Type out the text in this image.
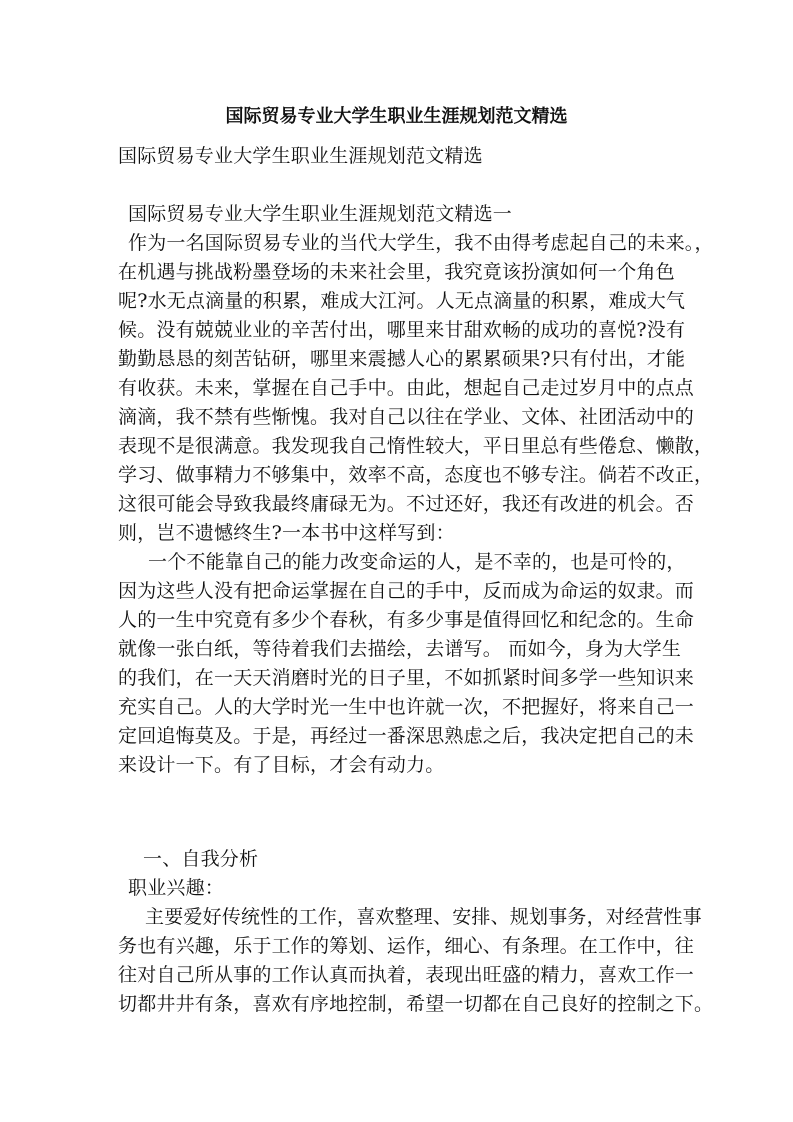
国际贸易专业大学生职业生涯规划范文精选
国际贸易专业大学生职业生涯规划范文精选
国际贸易专业大学生职业生涯规划范文精选一
一、自我分析
职业兴趣：
作为一名国际贸易专业的当代大学生，我不由得考虑起自己的未来。，
在机遇与挑战粉墨登场的未来社会里，我究竟该扮演如何一个角色
呢?水无点滴量的积累，难成大江河。人无点滴量的积累，难成大气
候。没有兢兢业业的辛苦付出，哪里来甘甜欢畅的成功的喜悦?没有
勤勤恳恳的刻苦钻研，哪里来震撼人心的累累硕果?只有付出，才能
有收获。未来，掌握在自己手中。由此，想起自己走过岁月中的点点
滴滴，我不禁有些惭愧。我对自己以往在学业、文体、社团活动中的
表现不是很满意。我发现我自己惰性较大，平日里总有些倦怠、懒散，
学习、做事精力不够集中，效率不高，态度也不够专注。倘若不改正，
这很可能会导致我最终庸碌无为。不过还好，我还有改进的机会。否
则，岂不遗憾终生?一本书中这样写到：
一个不能靠自己的能力改变命运的人，是不幸的，也是可怜的，
因为这些人没有把命运掌握在自己的手中，反而成为命运的奴隶。而
人的一生中究竟有多少个春秋，有多少事是值得回忆和纪念的。生命
就像一张白纸，等待着我们去描绘，去谱写。 而如今，身为大学生
的我们，在一天天消磨时光的日子里，不如抓紧时间多学一些知识来
充实自己。人的大学时光一生中也许就一次，不把握好，将来自己一
定回追悔莫及。于是，再经过一番深思熟虑之后，我决定把自己的未
来设计一下。有了目标，才会有动力。
主要爱好传统性的工作，喜欢整理、安排、规划事务，对经营性事
务也有兴趣，乐于工作的筹划、运作，细心、有条理。在工作中，往
往对自己所从事的工作认真而执着，表现出旺盛的精力，喜欢工作一
切都井井有条，喜欢有序地控制，希望一切都在自己良好的控制之下。
